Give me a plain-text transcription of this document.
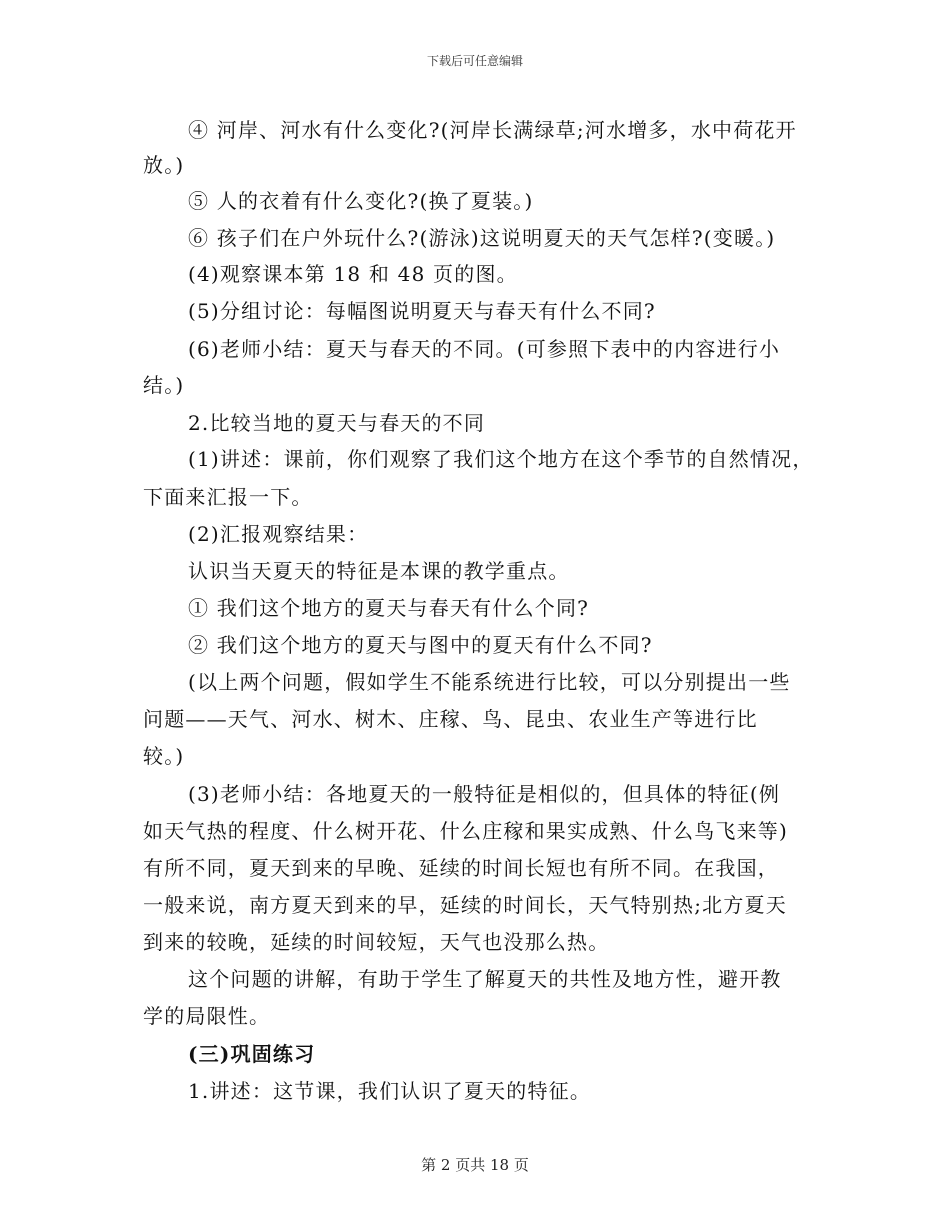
下载后可任意编辑
④ 河岸、河水有什么变化?(河岸长满绿草;河水增多，水中荷花开
放。)
⑤ 人的衣着有什么变化?(换了夏装。)
⑥ 孩子们在户外玩什么?(游泳)这说明夏天的天气怎样?(变暖。)
(4)观察课本第 18 和 48 页的图。
(5)分组讨论：每幅图说明夏天与春天有什么不同?
(6)老师小结：夏天与春天的不同。(可参照下表中的内容进行小
结。)
2.比较当地的夏天与春天的不同
(1)讲述：课前，你们观察了我们这个地方在这个季节的自然情况，
下面来汇报一下。
(2)汇报观察结果：
认识当天夏天的特征是本课的教学重点。
① 我们这个地方的夏天与春天有什么个同?
② 我们这个地方的夏天与图中的夏天有什么不同?
(以上两个问题，假如学生不能系统进行比较，可以分别提出一些
问题——天气、河水、树木、庄稼、鸟、昆虫、农业生产等进行比
较。)
(3)老师小结：各地夏天的一般特征是相似的，但具体的特征(例
如天气热的程度、什么树开花、什么庄稼和果实成熟、什么鸟飞来等)
有所不同，夏天到来的早晚、延续的时间长短也有所不同。在我国，
一般来说，南方夏天到来的早，延续的时间长，天气特别热;北方夏天
到来的较晚，延续的时间较短，天气也没那么热。
这个问题的讲解，有助于学生了解夏天的共性及地方性，避开教
学的局限性。
(三)巩固练习
1.讲述：这节课，我们认识了夏天的特征。
第 2 页共 18 页
